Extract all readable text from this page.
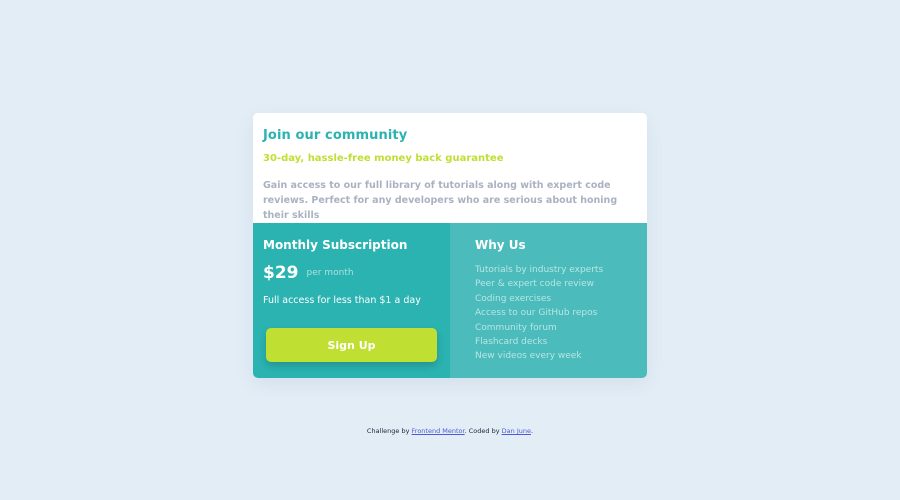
Join our community

30-day, hassle-free money back guarantee

Gain access to our full library of tutorials along with expert code reviews. Perfect for any developers who are serious about honing their skills

Monthly Subscription
$29 per month

Full access for less than $1 a day

Why Us
Tutorials by industry experts
Peer & expert code review
Coding exercises
Access to our GitHub repos
Community forum
Flashcard decks
New videos every week
Sign Up
Challenge by Frontend Mentor. Coded by Dan June.
